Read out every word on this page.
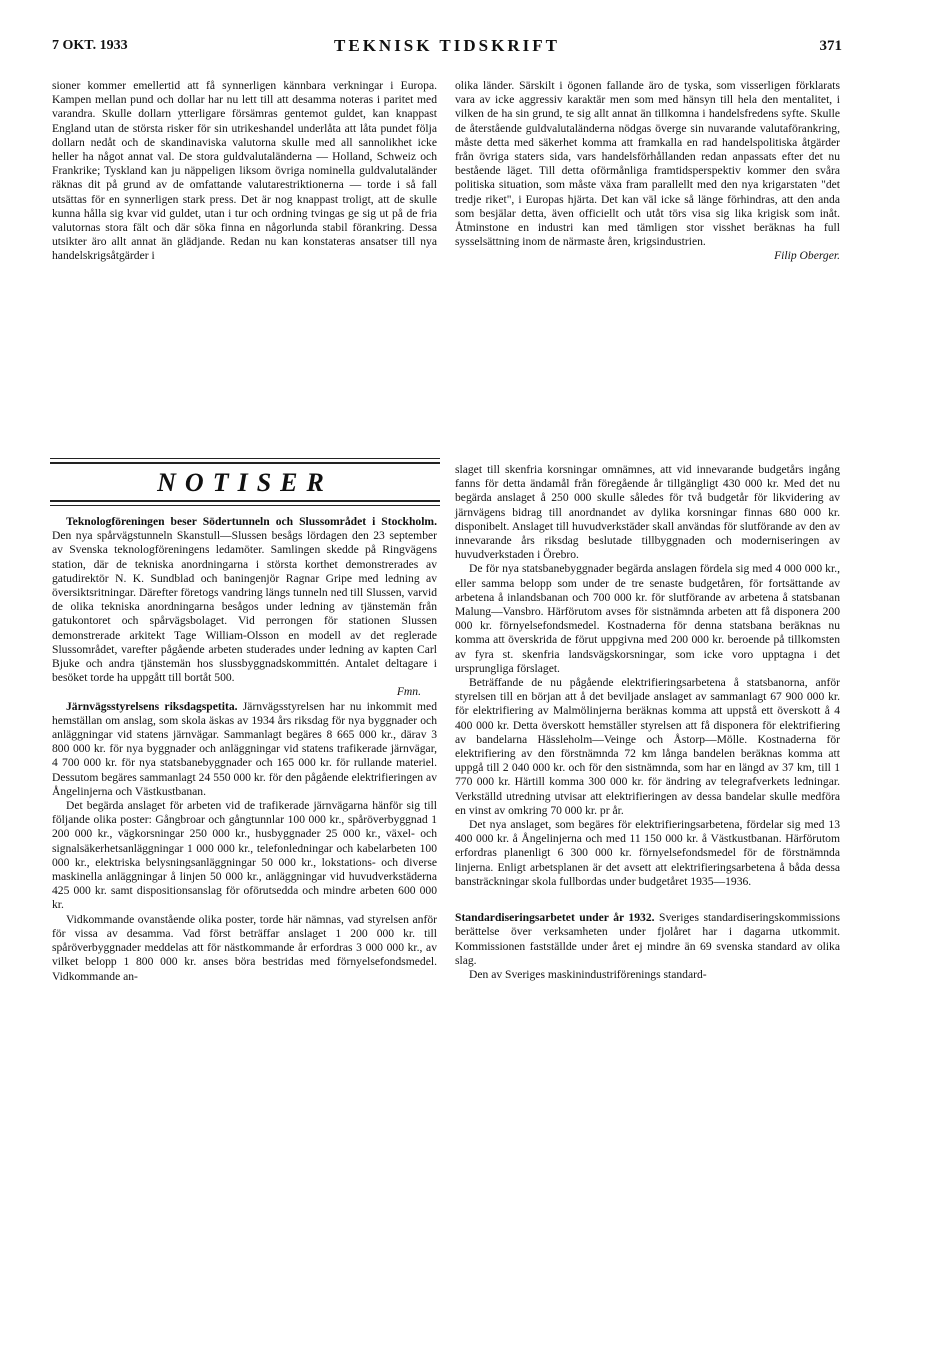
7 OKT. 1933	TEKNISK TIDSKRIFT	371

sioner kommer emellertid att få synnerligen kännbara verkningar i Europa. Kampen mellan pund och dollar har nu lett till att desamma noteras i paritet med varandra. Skulle dollarn ytterligare försämras gentemot guldet, kan knappast England utan de största risker för sin utrikeshandel underlåta att låta pundet följa dollarn nedåt och de skandinaviska valutorna skulle med all sannolikhet icke heller ha något annat val. De stora guldvalutaländerna — Holland, Schweiz och Frankrike; Tyskland kan ju näppeligen liksom övriga nominella guldvalutaländer räknas dit på grund av de omfattande valutarestriktionerna — torde i så fall utsättas för en synnerligen stark press. Det är nog knappast troligt, att de skulle kunna hålla sig kvar vid guldet, utan i tur och ordning tvingas ge sig ut på de fria valutornas stora fält och där söka finna en någorlunda stabil förankring. Dessa utsikter äro allt annat än glädjande. Redan nu kan konstateras ansatser till nya handelskrigsåtgärder i

olika länder. Särskilt i ögonen fallande äro de tyska, som visserligen förklarats vara av icke aggressiv karaktär men som med hänsyn till hela den mentalitet, i vilken de ha sin grund, te sig allt annat än tillkomna i handelsfredens syfte. Skulle de återstående guldvalutaländerna nödgas överge sin nuvarande valutaförankring, måste detta med säkerhet komma att framkalla en rad handelspolitiska åtgärder från övriga staters sida, vars handelsförhållanden redan anpassats efter det nu bestående läget. Till detta oförmånliga framtidsperspektiv kommer den svåra politiska situation, som måste växa fram parallellt med den nya krigarstaten "det tredje riket", i Europas hjärta. Det kan väl icke så länge förhindras, att den anda som besjälar detta, även officiellt och utåt törs visa sig lika krigisk som inåt. Åtminstone en industri kan med tämligen stor visshet beräknas ha full sysselsättning inom de närmaste åren, krigsindustrien.

Filip Oberger.

NOTISER

Teknologföreningen beser Södertunneln och Slussområdet i Stockholm. Den nya spårvägstunneln Skanstull—Slussen besågs lördagen den 23 september av Svenska teknologföreningens ledamöter. Samlingen skedde på Ringvägens station, där de tekniska anordningarna i största korthet demonstrerades av gatudirektör N. K. Sundblad och baningenjör Ragnar Gripe med ledning av översiktsritningar. Därefter företogs vandring längs tunneln ned till Slussen, varvid de olika tekniska anordningarna besågos under ledning av tjänstemän från gatukontoret och spårvägsbolaget. Vid perrongen för stationen Slussen demonstrerade arkitekt Tage William-Olsson en modell av det reglerade Slussområdet, varefter pågående arbeten studerades under ledning av kapten Carl Bjuke och andra tjänstemän hos slussbyggnadskommittén. Antalet deltagare i besöket torde ha uppgått till bortåt 500.

Fmn.

Järnvägsstyrelsens riksdagspetita. Järnvägsstyrelsen har nu inkommit med hemställan om anslag, som skola äskas av 1934 års riksdag för nya byggnader och anläggningar vid statens järnvägar. Sammanlagt begäres 8 665 000 kr., därav 3 800 000 kr. för nya byggnader och anläggningar vid statens trafikerade järnvägar, 4 700 000 kr. för nya statsbanebyggnader och 165 000 kr. för rullande materiel. Dessutom begäres sammanlagt 24 550 000 kr. för den pågående elektrifieringen av Ångelinjerna och Västkustbanan.

Det begärda anslaget för arbeten vid de trafikerade järnvägarna hänför sig till följande olika poster: Gångbroar och gångtunnlar 100 000 kr., spåröverbyggnad 1 200 000 kr., vägkorsningar 250 000 kr., husbyggnader 25 000 kr., växel- och signalsäkerhetsanläggningar 1 000 000 kr., telefonledningar och kabelarbeten 100 000 kr., elektriska belysningsanläggningar 50 000 kr., lokstations- och diverse maskinella anläggningar å linjen 50 000 kr., anläggningar vid huvudverkstäderna 425 000 kr. samt dispositionsanslag för oförutsedda och mindre arbeten 600 000 kr.

Vidkommande ovanstående olika poster, torde här nämnas, vad styrelsen anför för vissa av desamma. Vad först beträffar anslaget 1 200 000 kr. till spåröverbyggnader meddelas att för nästkommande år erfordras 3 000 000 kr., av vilket belopp 1 800 000 kr. anses böra bestridas med förnyelsefondsmedel. Vidkommande an-

slaget till skenfria korsningar omnämnes, att vid innevarande budgetårs ingång fanns för detta ändamål från föregående år tillgängligt 430 000 kr. Med det nu begärda anslaget å 250 000 skulle således för två budgetår för likvidering av järnvägens bidrag till anordnandet av dylika korsningar finnas 680 000 kr. disponibelt. Anslaget till huvudverkstäder skall användas för slutförande av den av innevarande års riksdag beslutade tillbyggnaden och moderniseringen av huvudverkstaden i Örebro.

De för nya statsbanebyggnader begärda anslagen fördela sig med 4 000 000 kr., eller samma belopp som under de tre senaste budgetåren, för fortsättande av arbetena å inlandsbanan och 700 000 kr. för slutförande av arbetena å statsbanan Malung—Vansbro. Härförutom avses för sistnämnda arbeten att få disponera 200 000 kr. förnyelsefondsmedel. Kostnaderna för denna statsbana beräknas nu komma att överskrida de förut uppgivna med 200 000 kr. beroende på tillkomsten av fyra st. skenfria landsvägskorsningar, som icke voro upptagna i det ursprungliga förslaget.

Beträffande de nu pågående elektrifieringsarbetena å statsbanorna, anför styrelsen till en början att å det beviljade anslaget av sammanlagt 67 900 000 kr. för elektrifiering av Malmölinjerna beräknas komma att uppstå ett överskott å 4 400 000 kr. Detta överskott hemställer styrelsen att få disponera för elektrifiering av bandelarna Hässleholm—Veinge och Åstorp—Mölle. Kostnaderna för elektrifiering av den förstnämnda 72 km långa bandelen beräknas komma att uppgå till 2 040 000 kr. och för den sistnämnda, som har en längd av 37 km, till 1 770 000 kr. Härtill komma 300 000 kr. för ändring av telegrafverkets ledningar. Verkställd utredning utvisar att elektrifieringen av dessa bandelar skulle medföra en vinst av omkring 70 000 kr. pr år.

Det nya anslaget, som begäres för elektrifieringsarbetena, fördelar sig med 13 400 000 kr. å Ångelinjerna och med 11 150 000 kr. å Västkustbanan. Härförutom erfordras planenligt 6 300 000 kr. förnyelsefondsmedel för de förstnämnda linjerna. Enligt arbetsplanen är det avsett att elektrifieringsarbetena å båda dessa bansträckningar skola fullbordas under budgetåret 1935—1936.

Standardiseringsarbetet under år 1932. Sveriges standardiseringskommissions berättelse över verksamheten under fjolåret har i dagarna utkommit. Kommissionen fastställde under året ej mindre än 69 svenska standard av olika slag.

Den av Sveriges maskinindustriförenings standard-
